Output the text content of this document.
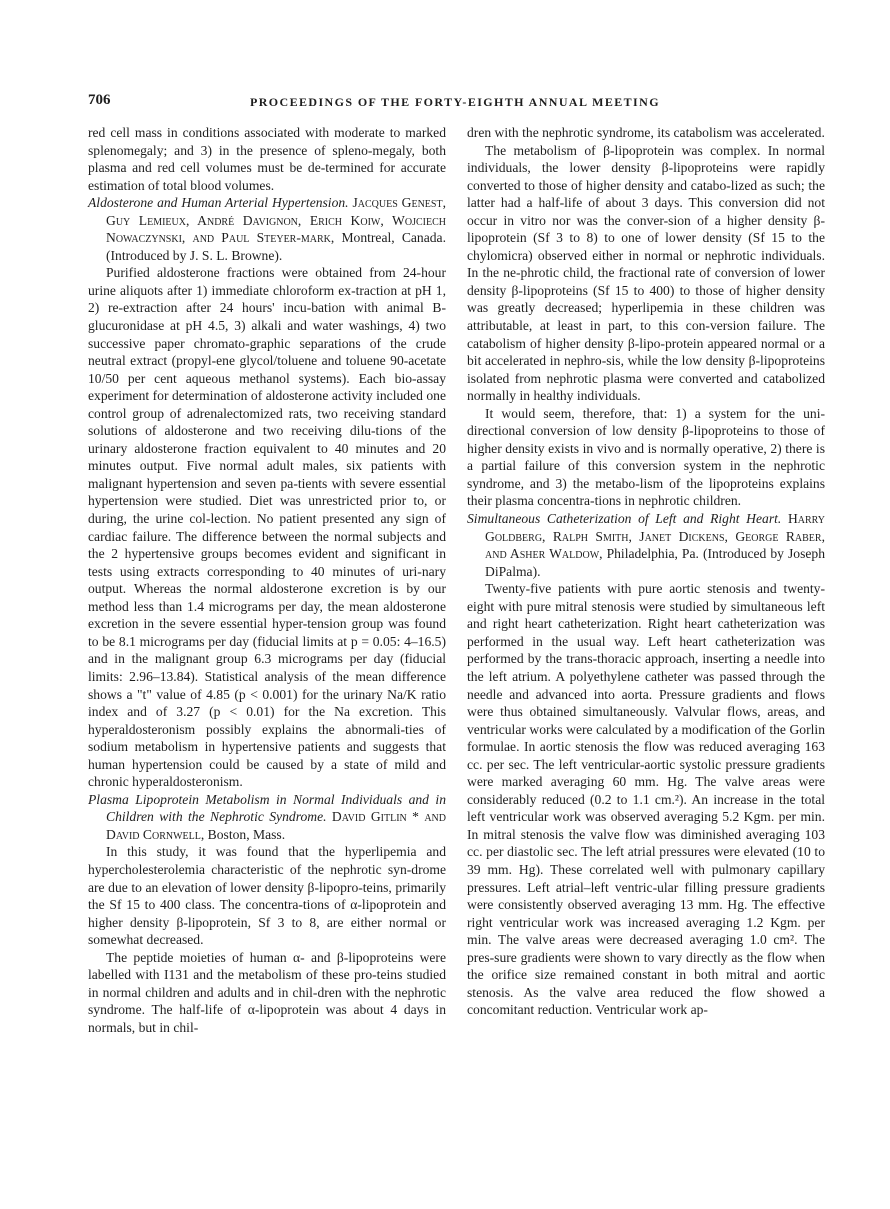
706	PROCEEDINGS OF THE FORTY-EIGHTH ANNUAL MEETING

red cell mass in conditions associated with moderate to marked splenomegaly; and 3) in the presence of spleno-megaly, both plasma and red cell volumes must be de-termined for accurate estimation of total blood volumes.

Aldosterone and Human Arterial Hypertension. Jacques Genest, Guy Lemieux, André Davignon, Erich Koiw, Wojciech Nowaczynski, and Paul Steyer-mark, Montreal, Canada. (Introduced by J. S. L. Browne).

Purified aldosterone fractions were obtained from 24-hour urine aliquots after 1) immediate chloroform ex-traction at pH 1, 2) re-extraction after 24 hours' incu-bation with animal B-glucuronidase at pH 4.5, 3) alkali and water washings, 4) two successive paper chromato-graphic separations of the crude neutral extract (propyl-ene glycol/toluene and toluene 90-acetate 10/50 per cent aqueous methanol systems). Each bio-assay experiment for determination of aldosterone activity included one control group of adrenalectomized rats, two receiving standard solutions of aldosterone and two receiving dilu-tions of the urinary aldosterone fraction equivalent to 40 minutes and 20 minutes output. Five normal adult males, six patients with malignant hypertension and seven pa-tients with severe essential hypertension were studied. Diet was unrestricted prior to, or during, the urine col-lection. No patient presented any sign of cardiac failure. The difference between the normal subjects and the 2 hypertensive groups becomes evident and significant in tests using extracts corresponding to 40 minutes of uri-nary output. Whereas the normal aldosterone excretion is by our method less than 1.4 micrograms per day, the mean aldosterone excretion in the severe essential hyper-tension group was found to be 8.1 micrograms per day (fiducial limits at p = 0.05: 4–16.5) and in the malignant group 6.3 micrograms per day (fiducial limits: 2.96–13.84). Statistical analysis of the mean difference shows a "t" value of 4.85 (p < 0.001) for the urinary Na/K ratio index and of 3.27 (p < 0.01) for the Na excretion. This hyperaldosteronism possibly explains the abnormali-ties of sodium metabolism in hypertensive patients and suggests that human hypertension could be caused by a state of mild and chronic hyperaldosteronism.

Plasma Lipoprotein Metabolism in Normal Individuals and in Children with the Nephrotic Syndrome. David Gitlin * and David Cornwell, Boston, Mass.

In this study, it was found that the hyperlipemia and hypercholesterolemia characteristic of the nephrotic syn-drome are due to an elevation of lower density β-lipopro-teins, primarily the Sf 15 to 400 class. The concentra-tions of α-lipoprotein and higher density β-lipoprotein, Sf 3 to 8, are either normal or somewhat decreased.

The peptide moieties of human α- and β-lipoproteins were labelled with I131 and the metabolism of these pro-teins studied in normal children and adults and in chil-dren with the nephrotic syndrome. The half-life of α-lipoprotein was about 4 days in normals, but in chil-

dren with the nephrotic syndrome, its catabolism was accelerated.

The metabolism of β-lipoprotein was complex. In normal individuals, the lower density β-lipoproteins were rapidly converted to those of higher density and catabo-lized as such; the latter had a half-life of about 3 days. This conversion did not occur in vitro nor was the conver-sion of a higher density β-lipoprotein (Sf 3 to 8) to one of lower density (Sf 15 to the chylomicra) observed either in normal or nephrotic individuals. In the ne-phrotic child, the fractional rate of conversion of lower density β-lipoproteins (Sf 15 to 400) to those of higher density was greatly decreased; hyperlipemia in these children was attributable, at least in part, to this con-version failure. The catabolism of higher density β-lipo-protein appeared normal or a bit accelerated in nephro-sis, while the low density β-lipoproteins isolated from nephrotic plasma were converted and catabolized normally in healthy individuals.

It would seem, therefore, that: 1) a system for the uni-directional conversion of low density β-lipoproteins to those of higher density exists in vivo and is normally operative, 2) there is a partial failure of this conversion system in the nephrotic syndrome, and 3) the metabo-lism of the lipoproteins explains their plasma concentra-tions in nephrotic children.

Simultaneous Catheterization of Left and Right Heart. Harry Goldberg, Ralph Smith, Janet Dickens, George Raber, and Asher Waldow, Philadelphia, Pa. (Introduced by Joseph DiPalma).

Twenty-five patients with pure aortic stenosis and twenty-eight with pure mitral stenosis were studied by simultaneous left and right heart catheterization. Right heart catheterization was performed in the usual way. Left heart catheterization was performed by the trans-thoracic approach, inserting a needle into the left atrium. A polyethylene catheter was passed through the needle and advanced into aorta. Pressure gradients and flows were thus obtained simultaneously. Valvular flows, areas, and ventricular works were calculated by a modification of the Gorlin formulae. In aortic stenosis the flow was reduced averaging 163 cc. per sec. The left ventricular-aortic systolic pressure gradients were marked averaging 60 mm. Hg. The valve areas were considerably reduced (0.2 to 1.1 cm.²). An increase in the total left ventricular work was observed averaging 5.2 Kgm. per min. In mitral stenosis the valve flow was diminished averaging 103 cc. per diastolic sec. The left atrial pressures were elevated (10 to 39 mm. Hg). These correlated well with pulmonary capillary pressures. Left atrial–left ventric-ular filling pressure gradients were consistently observed averaging 13 mm. Hg. The effective right ventricular work was increased averaging 1.2 Kgm. per min. The valve areas were decreased averaging 1.0 cm². The pres-sure gradients were shown to vary directly as the flow when the orifice size remained constant in both mitral and aortic stenosis. As the valve area reduced the flow showed a concomitant reduction. Ventricular work ap-
